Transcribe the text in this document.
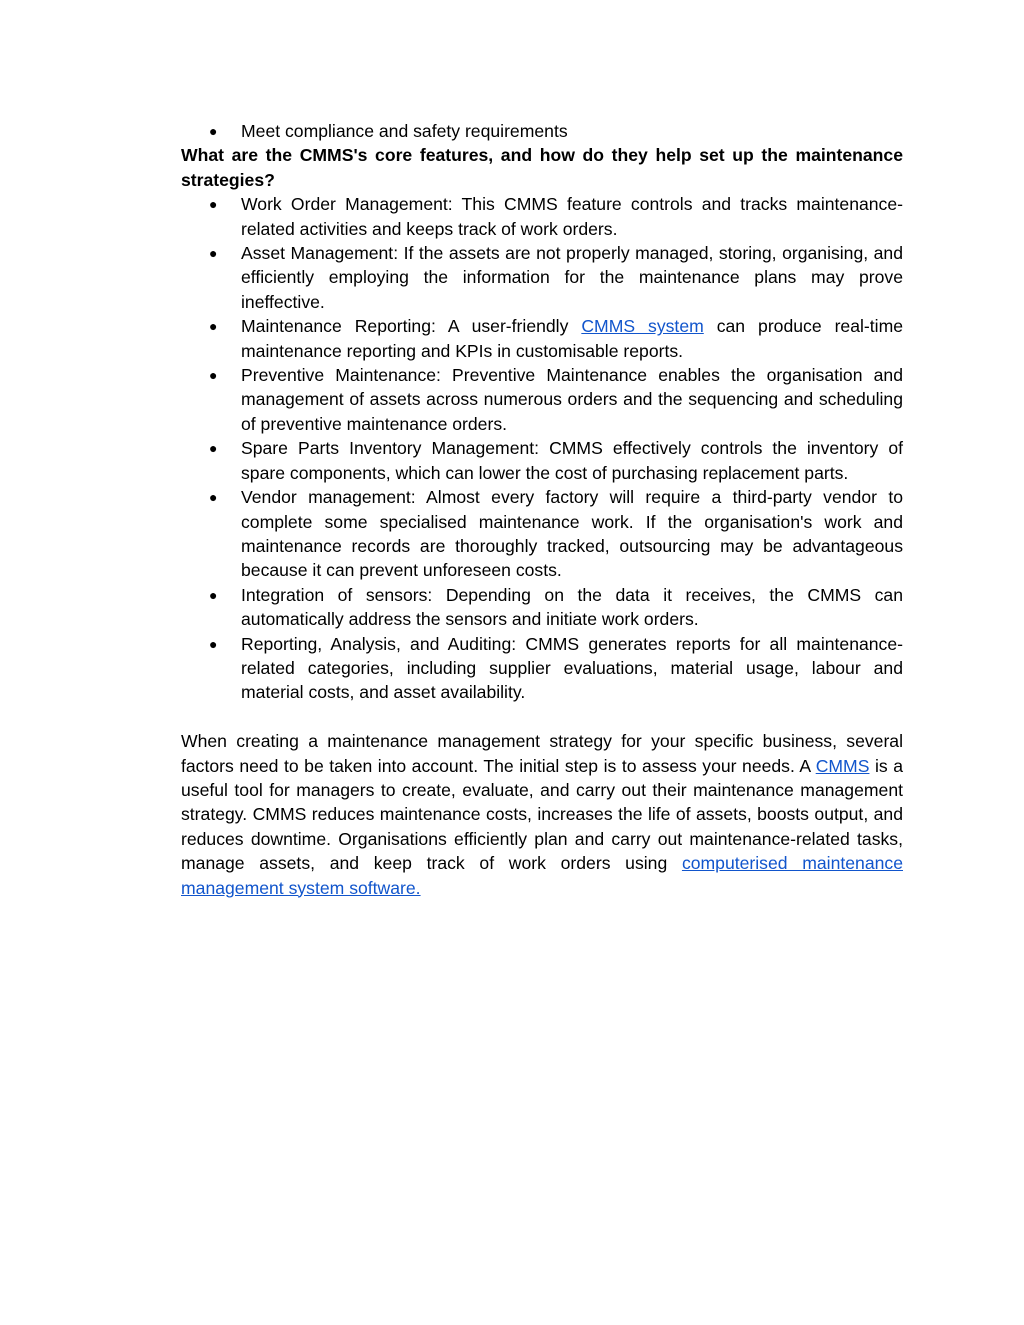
● Meet compliance and safety requirements

What are the CMMS's core features, and how do they help set up the maintenance strategies?

● Work Order Management: This CMMS feature controls and tracks maintenance-related activities and keeps track of work orders.
● Asset Management: If the assets are not properly managed, storing, organising, and efficiently employing the information for the maintenance plans may prove ineffective.
● Maintenance Reporting: A user-friendly CMMS system can produce real-time maintenance reporting and KPIs in customisable reports.
● Preventive Maintenance: Preventive Maintenance enables the organisation and management of assets across numerous orders and the sequencing and scheduling of preventive maintenance orders.
● Spare Parts Inventory Management: CMMS effectively controls the inventory of spare components, which can lower the cost of purchasing replacement parts.
● Vendor management: Almost every factory will require a third-party vendor to complete some specialised maintenance work. If the organisation's work and maintenance records are thoroughly tracked, outsourcing may be advantageous because it can prevent unforeseen costs.
● Integration of sensors: Depending on the data it receives, the CMMS can automatically address the sensors and initiate work orders.
● Reporting, Analysis, and Auditing: CMMS generates reports for all maintenance-related categories, including supplier evaluations, material usage, labour and material costs, and asset availability.

When creating a maintenance management strategy for your specific business, several factors need to be taken into account. The initial step is to assess your needs. A CMMS is a useful tool for managers to create, evaluate, and carry out their maintenance management strategy. CMMS reduces maintenance costs, increases the life of assets, boosts output, and reduces downtime. Organisations efficiently plan and carry out maintenance-related tasks, manage assets, and keep track of work orders using computerised maintenance management system software.
